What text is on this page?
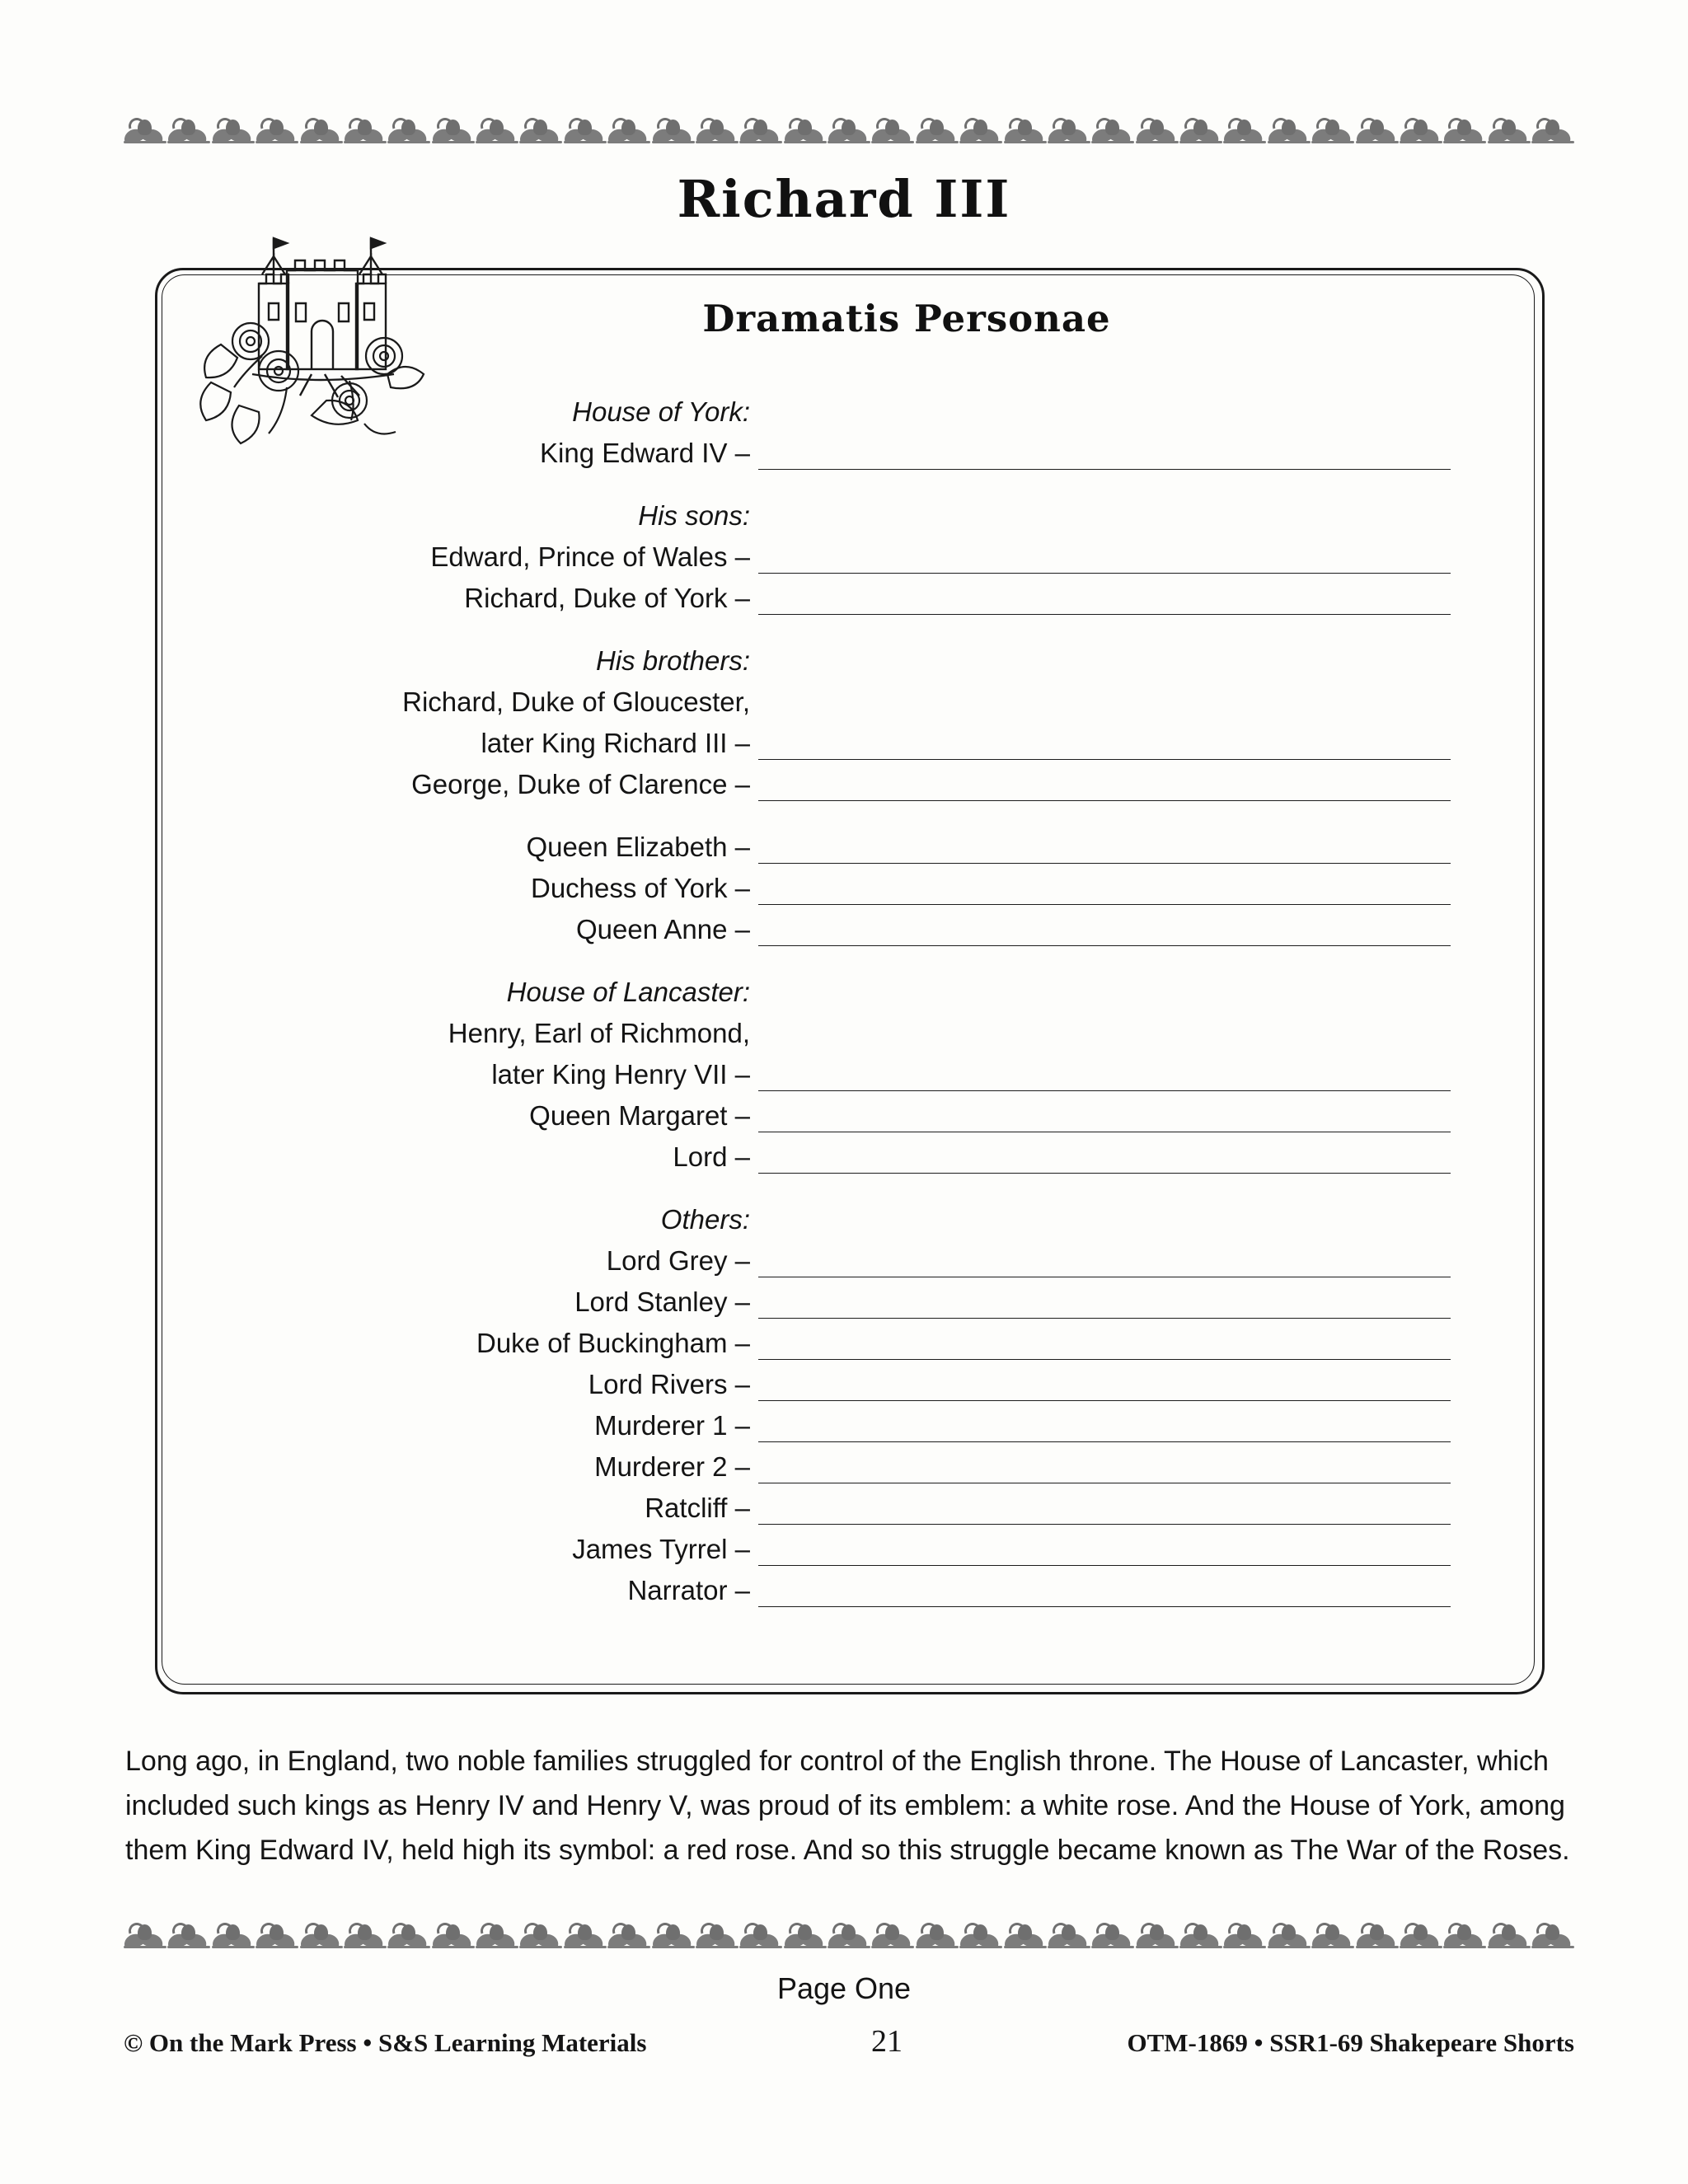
Richard III
Dramatis Personae
House of York:
King Edward IV –
His sons:
Edward, Prince of Wales –
Richard, Duke of York –
His brothers:
Richard, Duke of Gloucester,
later King Richard III –
George, Duke of Clarence –
Queen Elizabeth –
Duchess of York –
Queen Anne –
House of Lancaster:
Henry, Earl of Richmond,
later King Henry VII –
Queen Margaret –
Lord –
Others:
Lord Grey –
Lord Stanley –
Duke of Buckingham –
Lord Rivers –
Murderer 1 –
Murderer 2 –
Ratcliff –
James Tyrrel –
Narrator –
Long ago, in England, two noble families struggled for control of the English throne. The House of Lancaster, which included such kings as Henry IV and Henry V, was proud of its emblem: a white rose. And the House of York, among them King Edward IV, held high its symbol: a red rose. And so this struggle became known as The War of the Roses.
Page One
© On the Mark Press • S&S Learning Materials	21	OTM-1869 • SSR1-69 Shakepeare Shorts
